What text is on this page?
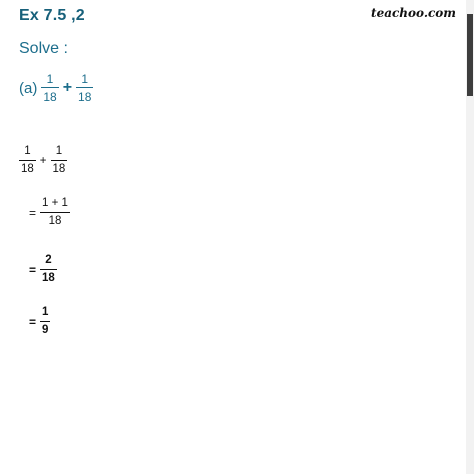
Ex 7.5 ,2	teachoo.com
Solve :
$(a) \frac{1}{18} + \frac{1}{18}$
$\frac{1}{18} + \frac{1}{18}$
= $\frac{1 + 1}{18}$
= $\frac{2}{18}$
= $\frac{1}{9}$
